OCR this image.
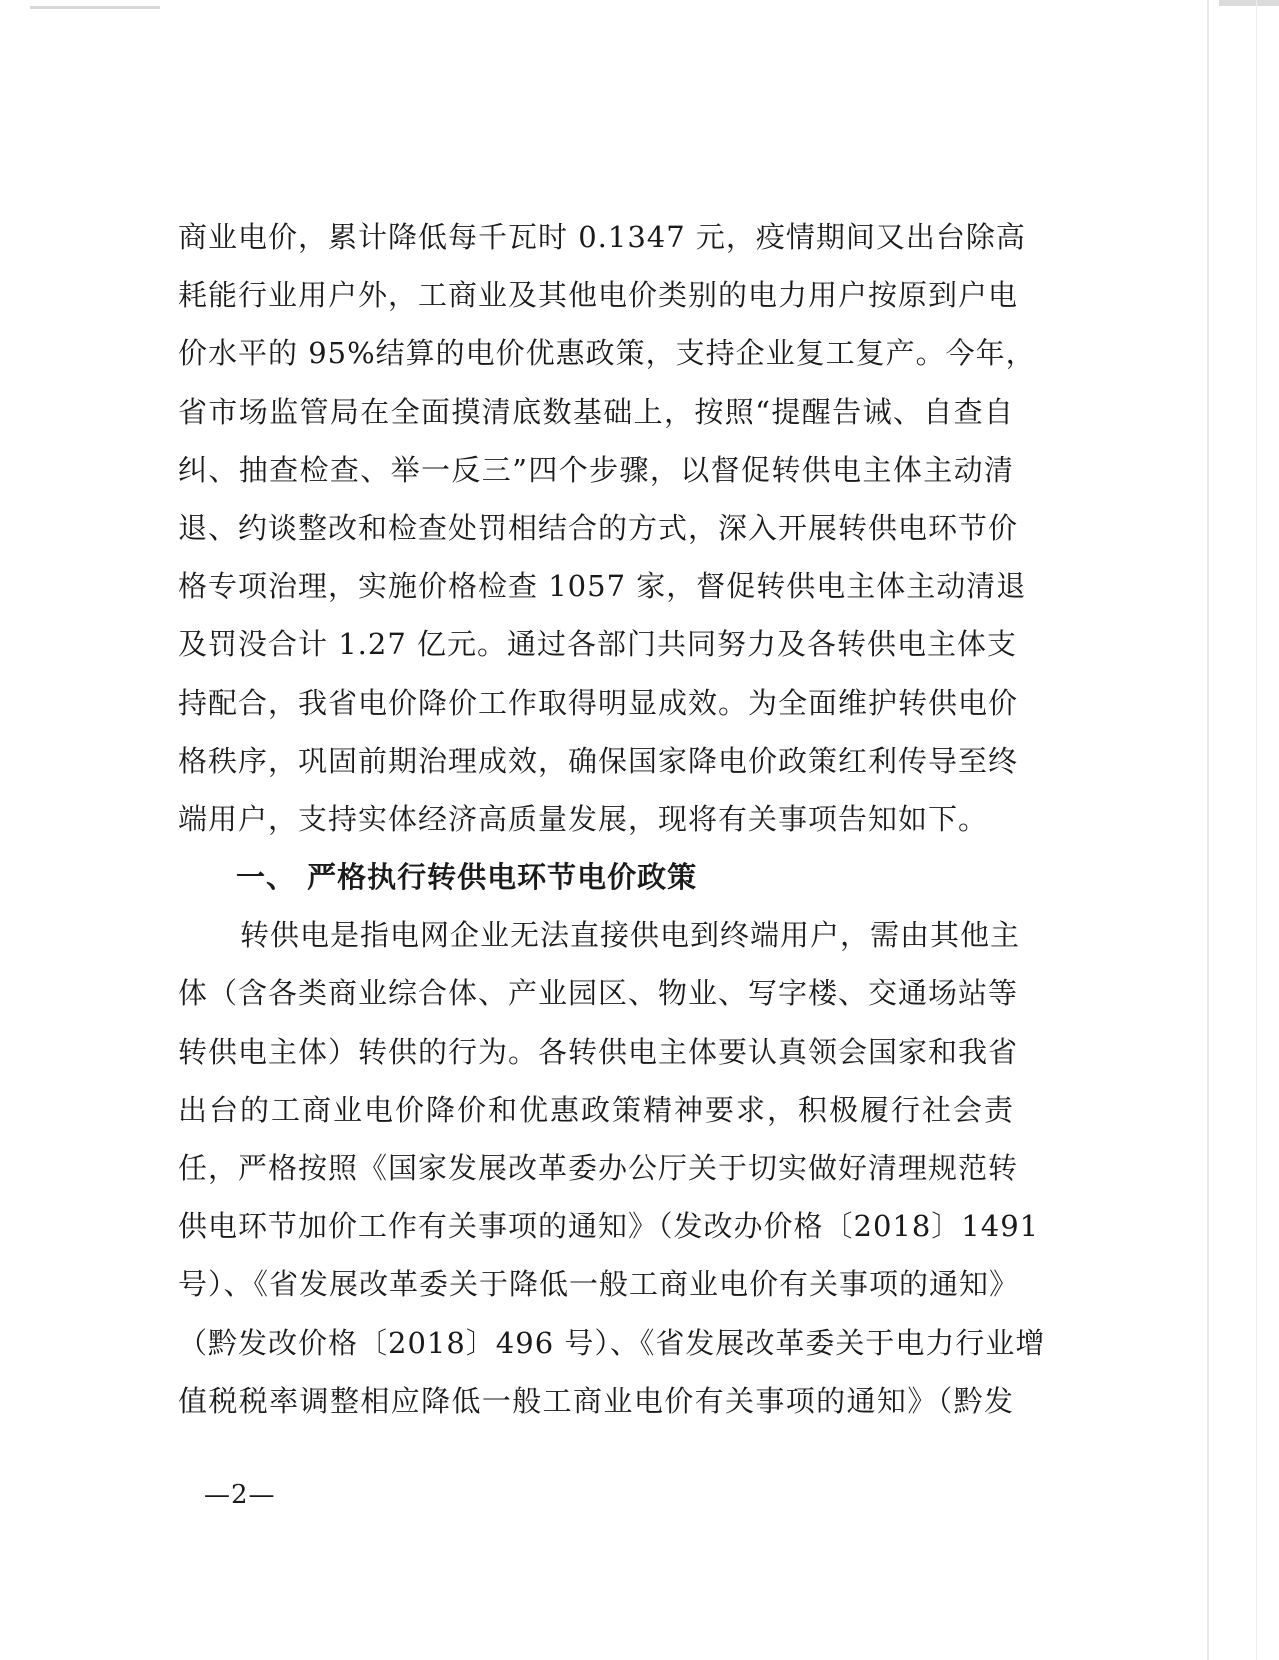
商业电价，累计降低每千瓦时 0.1347 元，疫情期间又出台除高
耗能行业用户外，工商业及其他电价类别的电力用户按原到户电
价水平的 95%结算的电价优惠政策，支持企业复工复产。今年，
省市场监管局在全面摸清底数基础上，按照“提醒告诫、自查自
纠、抽查检查、举一反三”四个步骤，以督促转供电主体主动清
退、约谈整改和检查处罚相结合的方式，深入开展转供电环节价
格专项治理，实施价格检查 1057 家，督促转供电主体主动清退
及罚没合计 1.27 亿元。通过各部门共同努力及各转供电主体支
持配合，我省电价降价工作取得明显成效。为全面维护转供电价
格秩序，巩固前期治理成效，确保国家降电价政策红利传导至终
端用户，支持实体经济高质量发展，现将有关事项告知如下。
一、 严格执行转供电环节电价政策
转供电是指电网企业无法直接供电到终端用户，需由其他主
体（含各类商业综合体、产业园区、物业、写字楼、交通场站等
转供电主体）转供的行为。各转供电主体要认真领会国家和我省
出台的工商业电价降价和优惠政策精神要求，积极履行社会责
任，严格按照《国家发展改革委办公厅关于切实做好清理规范转
供电环节加价工作有关事项的通知》（发改办价格〔2018〕1491
号）、《省发展改革委关于降低一般工商业电价有关事项的通知》
（黔发改价格〔2018〕496 号）、《省发展改革委关于电力行业增
值税税率调整相应降低一般工商业电价有关事项的通知》（黔发
—2—
